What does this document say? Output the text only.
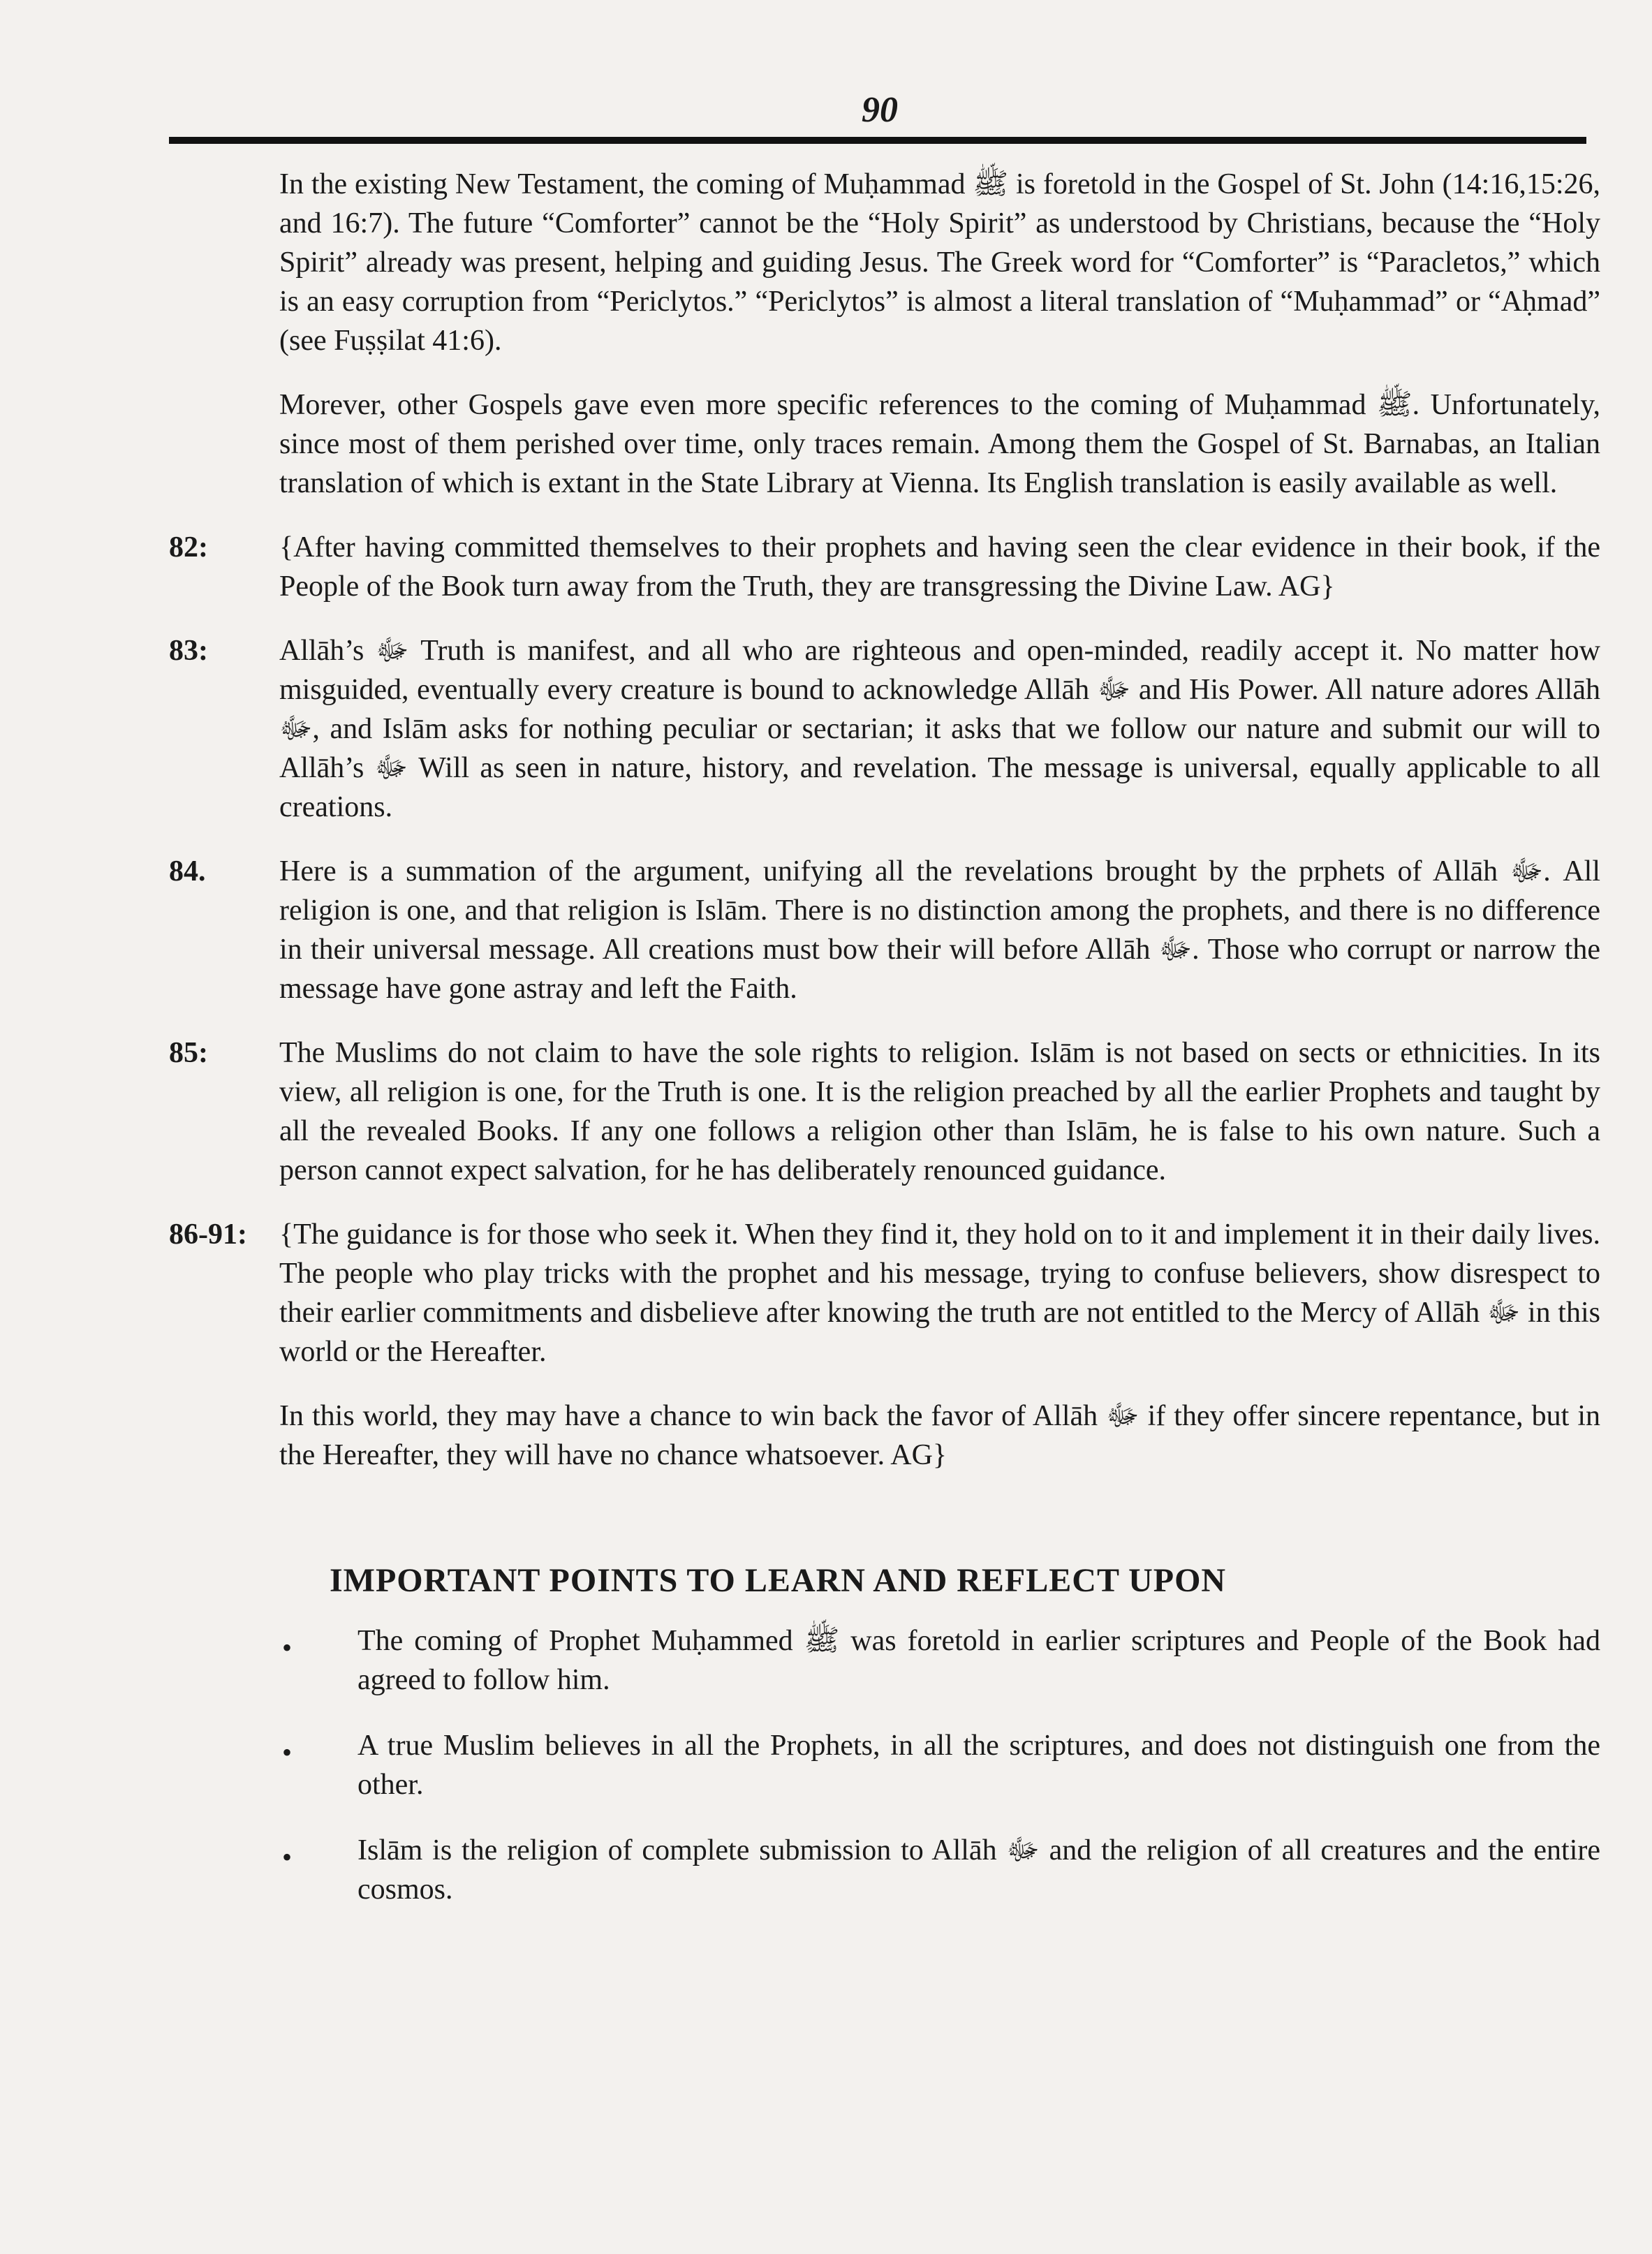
90
In the existing New Testament, the coming of Muḥammad ﷺ is foretold in the Gospel of St. John (14:16,15:26, and 16:7). The future “Comforter” cannot be the “Holy Spirit” as understood by Christians, because the “Holy Spirit” already was present, helping and guiding Jesus. The Greek word for “Comforter” is “Paracletos,” which is an easy corruption from “Periclytos.” “Periclytos” is almost a literal translation of “Muḥammad” or “Aḥmad” (see Fuṣṣilat 41:6).
Morever, other Gospels gave even more specific references to the coming of Muḥammad ﷺ. Unfortunately, since most of them perished over time, only traces remain. Among them the Gospel of St. Barnabas, an Italian translation of which is extant in the State Library at Vienna. Its English translation is easily available as well.
82:	{After having committed themselves to their prophets and having seen the clear evidence in their book, if the People of the Book turn away from the Truth, they are transgressing the Divine Law. AG}
83:	Allāh’s ﷻ Truth is manifest, and all who are righteous and open-minded, readily accept it. No matter how misguided, eventually every creature is bound to acknowledge Allāh ﷻ and His Power. All nature adores Allāh ﷻ, and Islām asks for nothing peculiar or sectarian; it asks that we follow our nature and submit our will to Allāh’s ﷻ Will as seen in nature, history, and revelation. The message is universal, equally applicable to all creations.
84.	Here is a summation of the argument, unifying all the revelations brought by the prphets of Allāh ﷻ. All religion is one, and that religion is Islām. There is no distinction among the prophets, and there is no difference in their universal message. All creations must bow their will before Allāh ﷻ. Those who corrupt or narrow the message have gone astray and left the Faith.
85:	The Muslims do not claim to have the sole rights to religion. Islām is not based on sects or ethnicities. In its view, all religion is one, for the Truth is one. It is the religion preached by all the earlier Prophets and taught by all the revealed Books. If any one follows a religion other than Islām, he is false to his own nature. Such a person cannot expect salvation, for he has deliberately renounced guidance.
86-91:	{The guidance is for those who seek it. When they find it, they hold on to it and implement it in their daily lives. The people who play tricks with the prophet and his message, trying to confuse believers, show disrespect to their earlier commitments and disbelieve after knowing the truth are not entitled to the Mercy of Allāh ﷻ in this world or the Hereafter.
In this world, they may have a chance to win back the favor of Allāh ﷻ if they offer sincere repentance, but in the Hereafter, they will have no chance whatsoever. AG}
IMPORTANT POINTS TO LEARN AND REFLECT UPON
•	The coming of Prophet Muḥammed ﷺ was foretold in earlier scriptures and People of the Book had agreed to follow him.
•	A true Muslim believes in all the Prophets, in all the scriptures, and does not distinguish one from the other.
•	Islām is the religion of complete submission to Allāh ﷻ and the religion of all creatures and the entire cosmos.
